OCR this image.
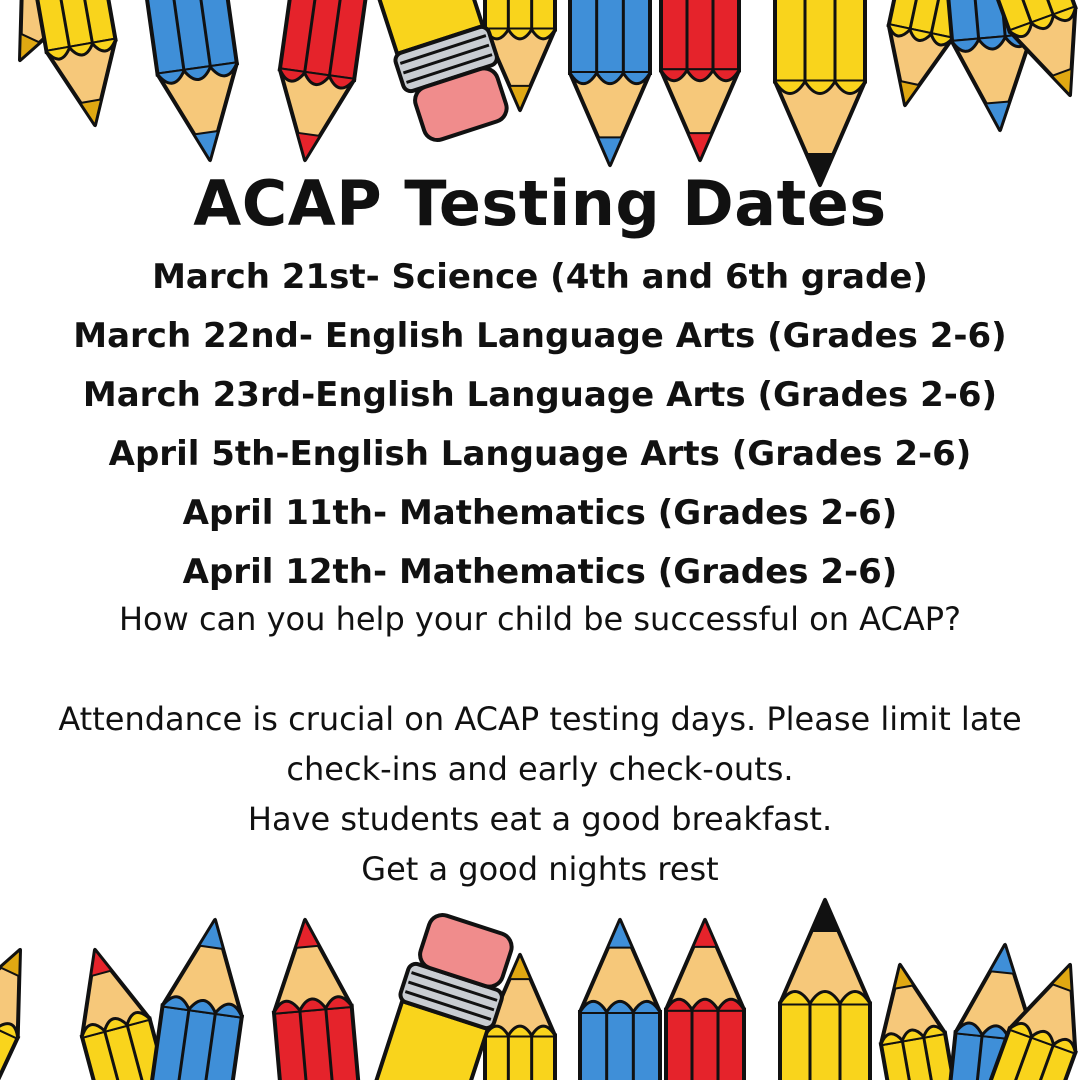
ACAP Testing Dates
March 21st- Science (4th and 6th grade)
March 22nd- English Language Arts (Grades 2-6)
March 23rd-English Language Arts (Grades 2-6)
April 5th-English Language Arts (Grades 2-6)
April 11th- Mathematics (Grades 2-6)
April 12th- Mathematics (Grades 2-6)

How can you help your child be successful on ACAP?

Attendance is crucial on ACAP testing days. Please limit late

check-ins and early check-outs.

Have students eat a good breakfast.

Get a good nights rest
